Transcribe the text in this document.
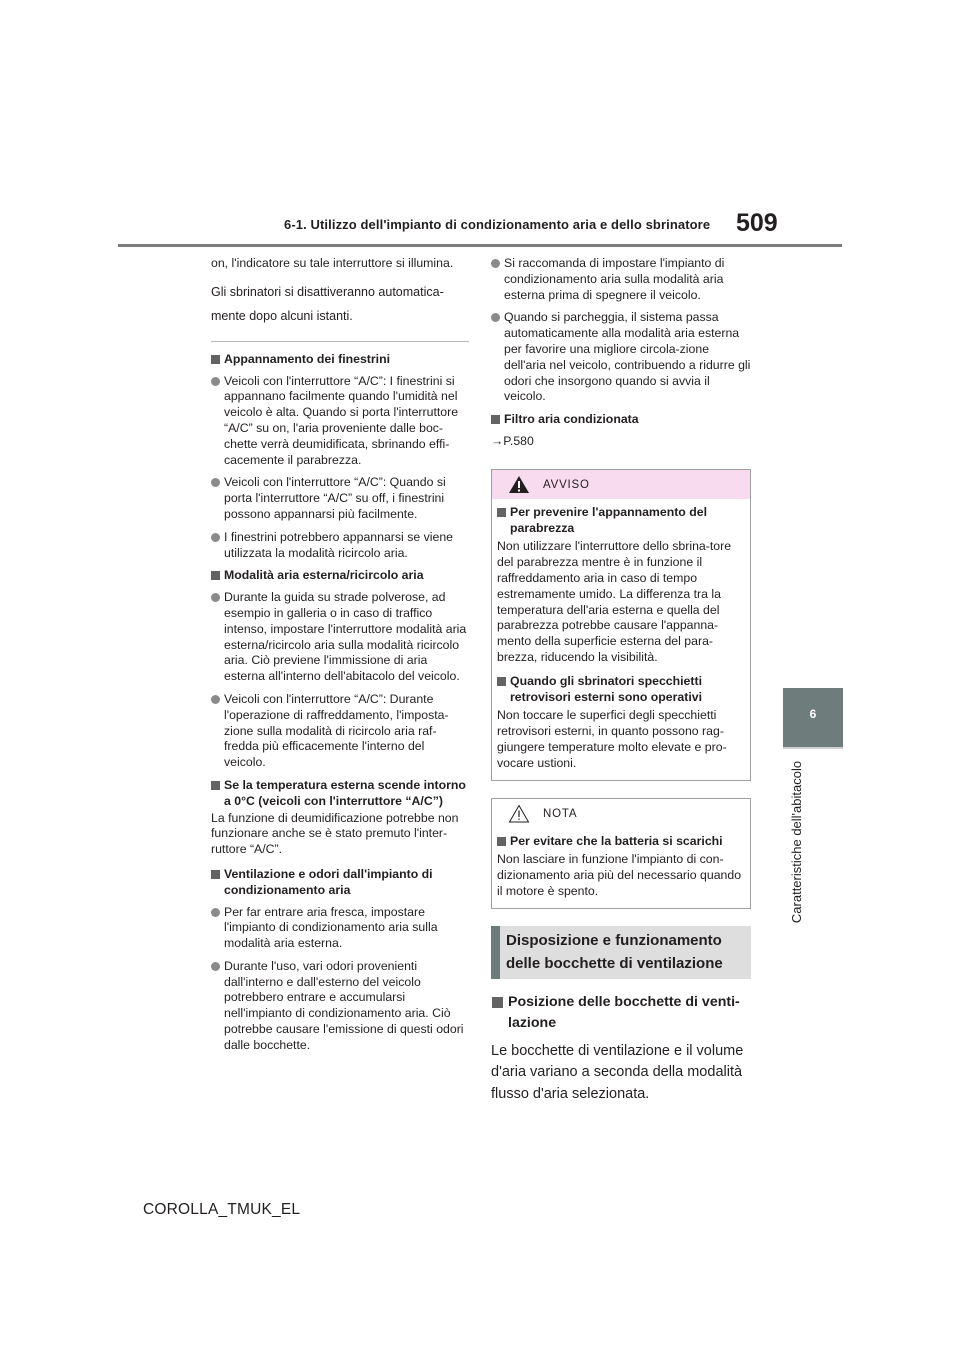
6-1. Utilizzo dell'impianto di condizionamento aria e dello sbrinatore 509
6
Caratteristiche dell'abitacolo

on, l'indicatore su tale interruttore si illumina.

Gli sbrinatori si disattiveranno automatica-

mente dopo alcuni istanti.

Appannamento dei finestrini
Veicoli con l'interruttore “A/C”: I finestrini si appannano facilmente quando l'umidità nel veicolo è alta. Quando si porta l'interruttore “A/C” su on, l'aria proveniente dalle boc-chette verrà deumidificata, sbrinando effi-cacemente il parabrezza.
Veicoli con l'interruttore “A/C”: Quando si porta l'interruttore “A/C” su off, i finestrini possono appannarsi più facilmente.
I finestrini potrebbero appannarsi se viene utilizzata la modalità ricircolo aria.
Modalità aria esterna/ricircolo aria
Durante la guida su strade polverose, ad esempio in galleria o in caso di traffico intenso, impostare l'interruttore modalità aria esterna/ricircolo aria sulla modalità ricircolo aria. Ciò previene l'immissione di aria esterna all'interno dell'abitacolo del veicolo.
Veicoli con l'interruttore “A/C”: Durante l'operazione di raffreddamento, l'imposta-zione sulla modalità di ricircolo aria raf-fredda più efficacemente l'interno del veicolo.
Se la temperatura esterna scende intorno a 0°C (veicoli con l'interruttore “A/C”)

La funzione di deumidificazione potrebbe non funzionare anche se è stato premuto l'inter-ruttore “A/C”.

Ventilazione e odori dall'impianto di condizionamento aria
Per far entrare aria fresca, impostare l'impianto di condizionamento aria sulla modalità aria esterna.
Durante l'uso, vari odori provenienti dall'interno e dall'esterno del veicolo potrebbero entrare e accumularsi nell'impianto di condizionamento aria. Ciò potrebbe causare l'emissione di questi odori dalle bocchette.
Si raccomanda di impostare l'impianto di condizionamento aria sulla modalità aria esterna prima di spegnere il veicolo.
Quando si parcheggia, il sistema passa automaticamente alla modalità aria esterna per favorire una migliore circola-zione dell'aria nel veicolo, contribuendo a ridurre gli odori che insorgono quando si avvia il veicolo.
Filtro aria condizionata

→P.580

AVVISO
Per prevenire l'appannamento del parabrezza

Non utilizzare l'interruttore dello sbrina-tore del parabrezza mentre è in funzione il raffreddamento aria in caso di tempo estremamente umido. La differenza tra la temperatura dell'aria esterna e quella del parabrezza potrebbe causare l'appanna-mento della superficie esterna del para-brezza, riducendo la visibilità.

Quando gli sbrinatori specchietti retrovisori esterni sono operativi

Non toccare le superfici degli specchietti retrovisori esterni, in quanto possono rag-giungere temperature molto elevate e pro-vocare ustioni.

NOTA
Per evitare che la batteria si scarichi

Non lasciare in funzione l'impianto di con-dizionamento aria più del necessario quando il motore è spento.

Disposizione e funzionamento delle bocchette di ventilazione
Posizione delle bocchette di venti-lazione

Le bocchette di ventilazione e il volume d'aria variano a seconda della modalità flusso d'aria selezionata.

COROLLA_TMUK_EL
